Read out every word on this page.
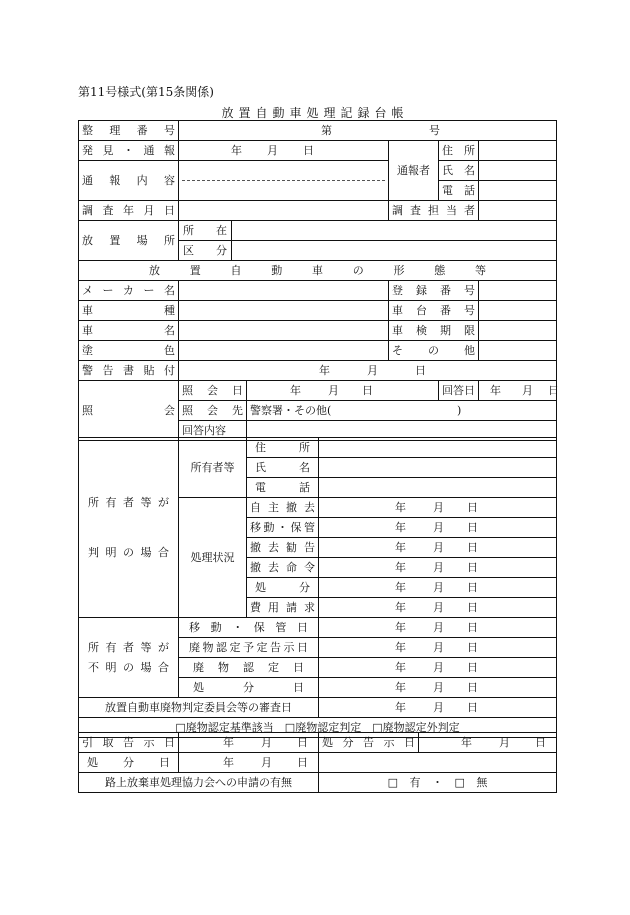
第11号様式(第15条関係)
放置自動車処理記録台帳
整理番号	第 号				
発見・通報	年 月 日		通報者	住所	
通報内容				氏名	
				電話	
調査年月日			調査担当者		
放置場所	所在				

	区分				

放置自動車の形態等					
メーカー名			登録番号		
車種			車台番号		
車名			車検期限		
塗色			その他		
警告書貼付	年 月 日				
照会	照会日	年 月 日		回答日 年 月 日	

	照会先	警察署・その他( )			
	回答内容				
所有者等が
判明の場合	所有者等	住所	
		氏名	
		電話	
	処理状況	自主撤去	年 月 日
		移動・保管	年 月 日
		撤去勧告	年 月 日
		撤去命令	年 月 日
		処分	年 月 日
		費用請求	年 月 日

所有者等が
不明の場合	移動・保管日		年 月 日
	廃物認定予定告示日		年 月 日
	廃物認定日		年 月 日
	処分日		年 月 日
放置自動車廃物判定委員会等の審査日			年 月 日
□廃物認定基準該当　□廃物認定判定　□廃物認定外判定			
引取告示日	年 月 日	処分告示日	年 月 日
処分日	年 月 日		
路上放棄車処理協力会への申請の有無		□ 有 ・ □ 無	
